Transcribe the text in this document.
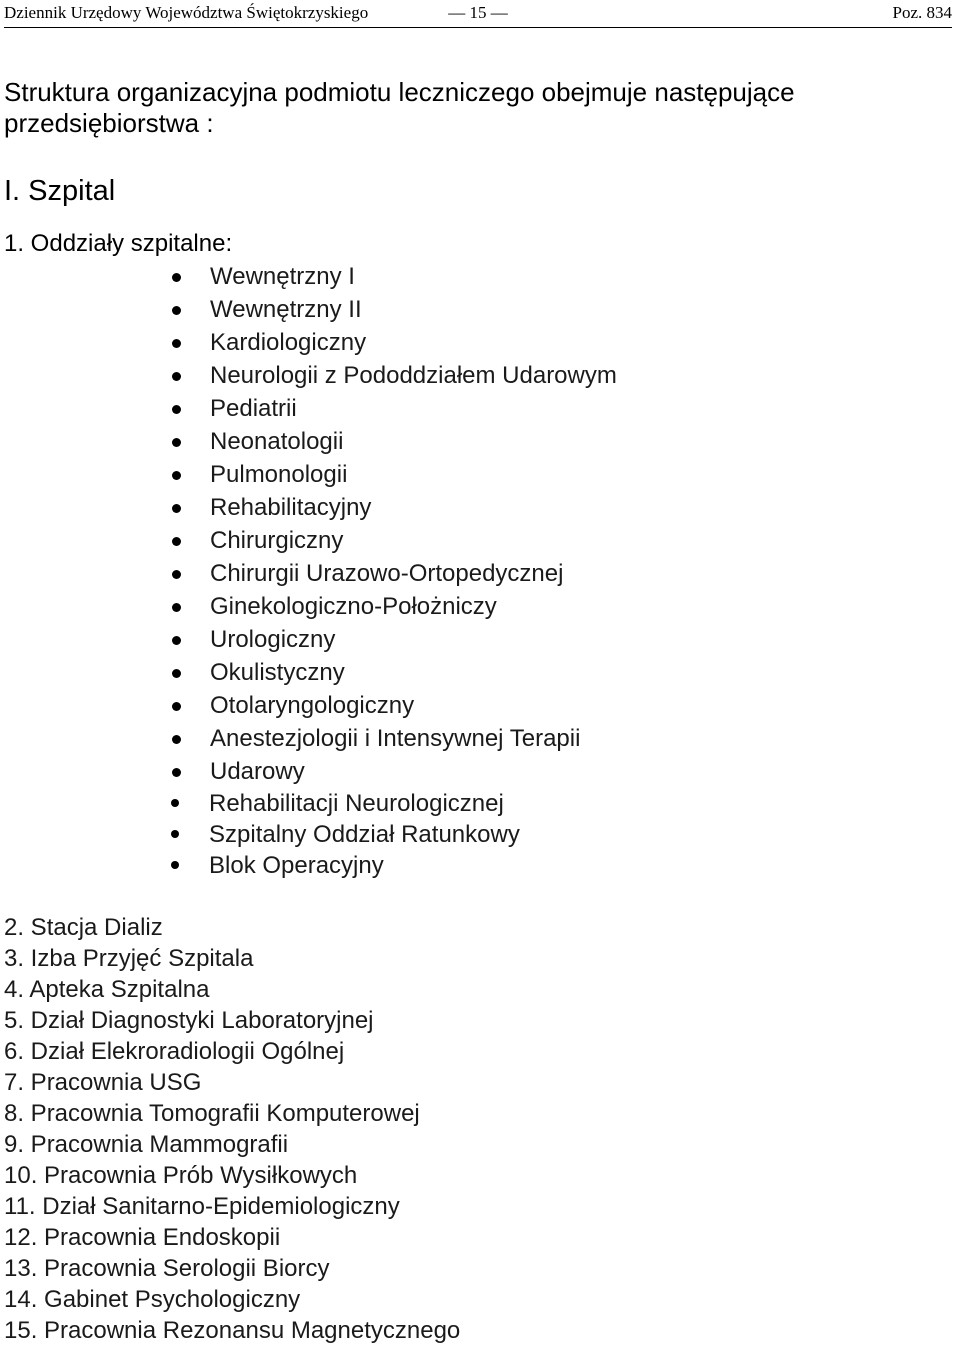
Dziennik Urzędowy Województwa Świętokrzyskiego	— 15 —	Poz. 834
Struktura organizacyjna podmiotu leczniczego obejmuje następujące przedsiębiorstwa :
I. Szpital
1. Oddziały szpitalne:
Wewnętrzny I
Wewnętrzny II
Kardiologiczny
Neurologii z Pododdziałem Udarowym
Pediatrii
Neonatologii
Pulmonologii
Rehabilitacyjny
Chirurgiczny
Chirurgii Urazowo-Ortopedycznej
Ginekologiczno-Położniczy
Urologiczny
Okulistyczny
Otolaryngologiczny
Anestezjologii i Intensywnej Terapii
Udarowy
Rehabilitacji Neurologicznej
Szpitalny Oddział Ratunkowy
Blok Operacyjny
2. Stacja Dializ
3. Izba Przyjęć Szpitala
4. Apteka Szpitalna
5. Dział Diagnostyki Laboratoryjnej
6. Dział Elekroradiologii Ogólnej
7. Pracownia USG
8. Pracownia Tomografii Komputerowej
9. Pracownia Mammografii
10. Pracownia Prób Wysiłkowych
11. Dział Sanitarno-Epidemiologiczny
12. Pracownia Endoskopii
13. Pracownia Serologii Biorcy
14. Gabinet Psychologiczny
15. Pracownia Rezonansu Magnetycznego
